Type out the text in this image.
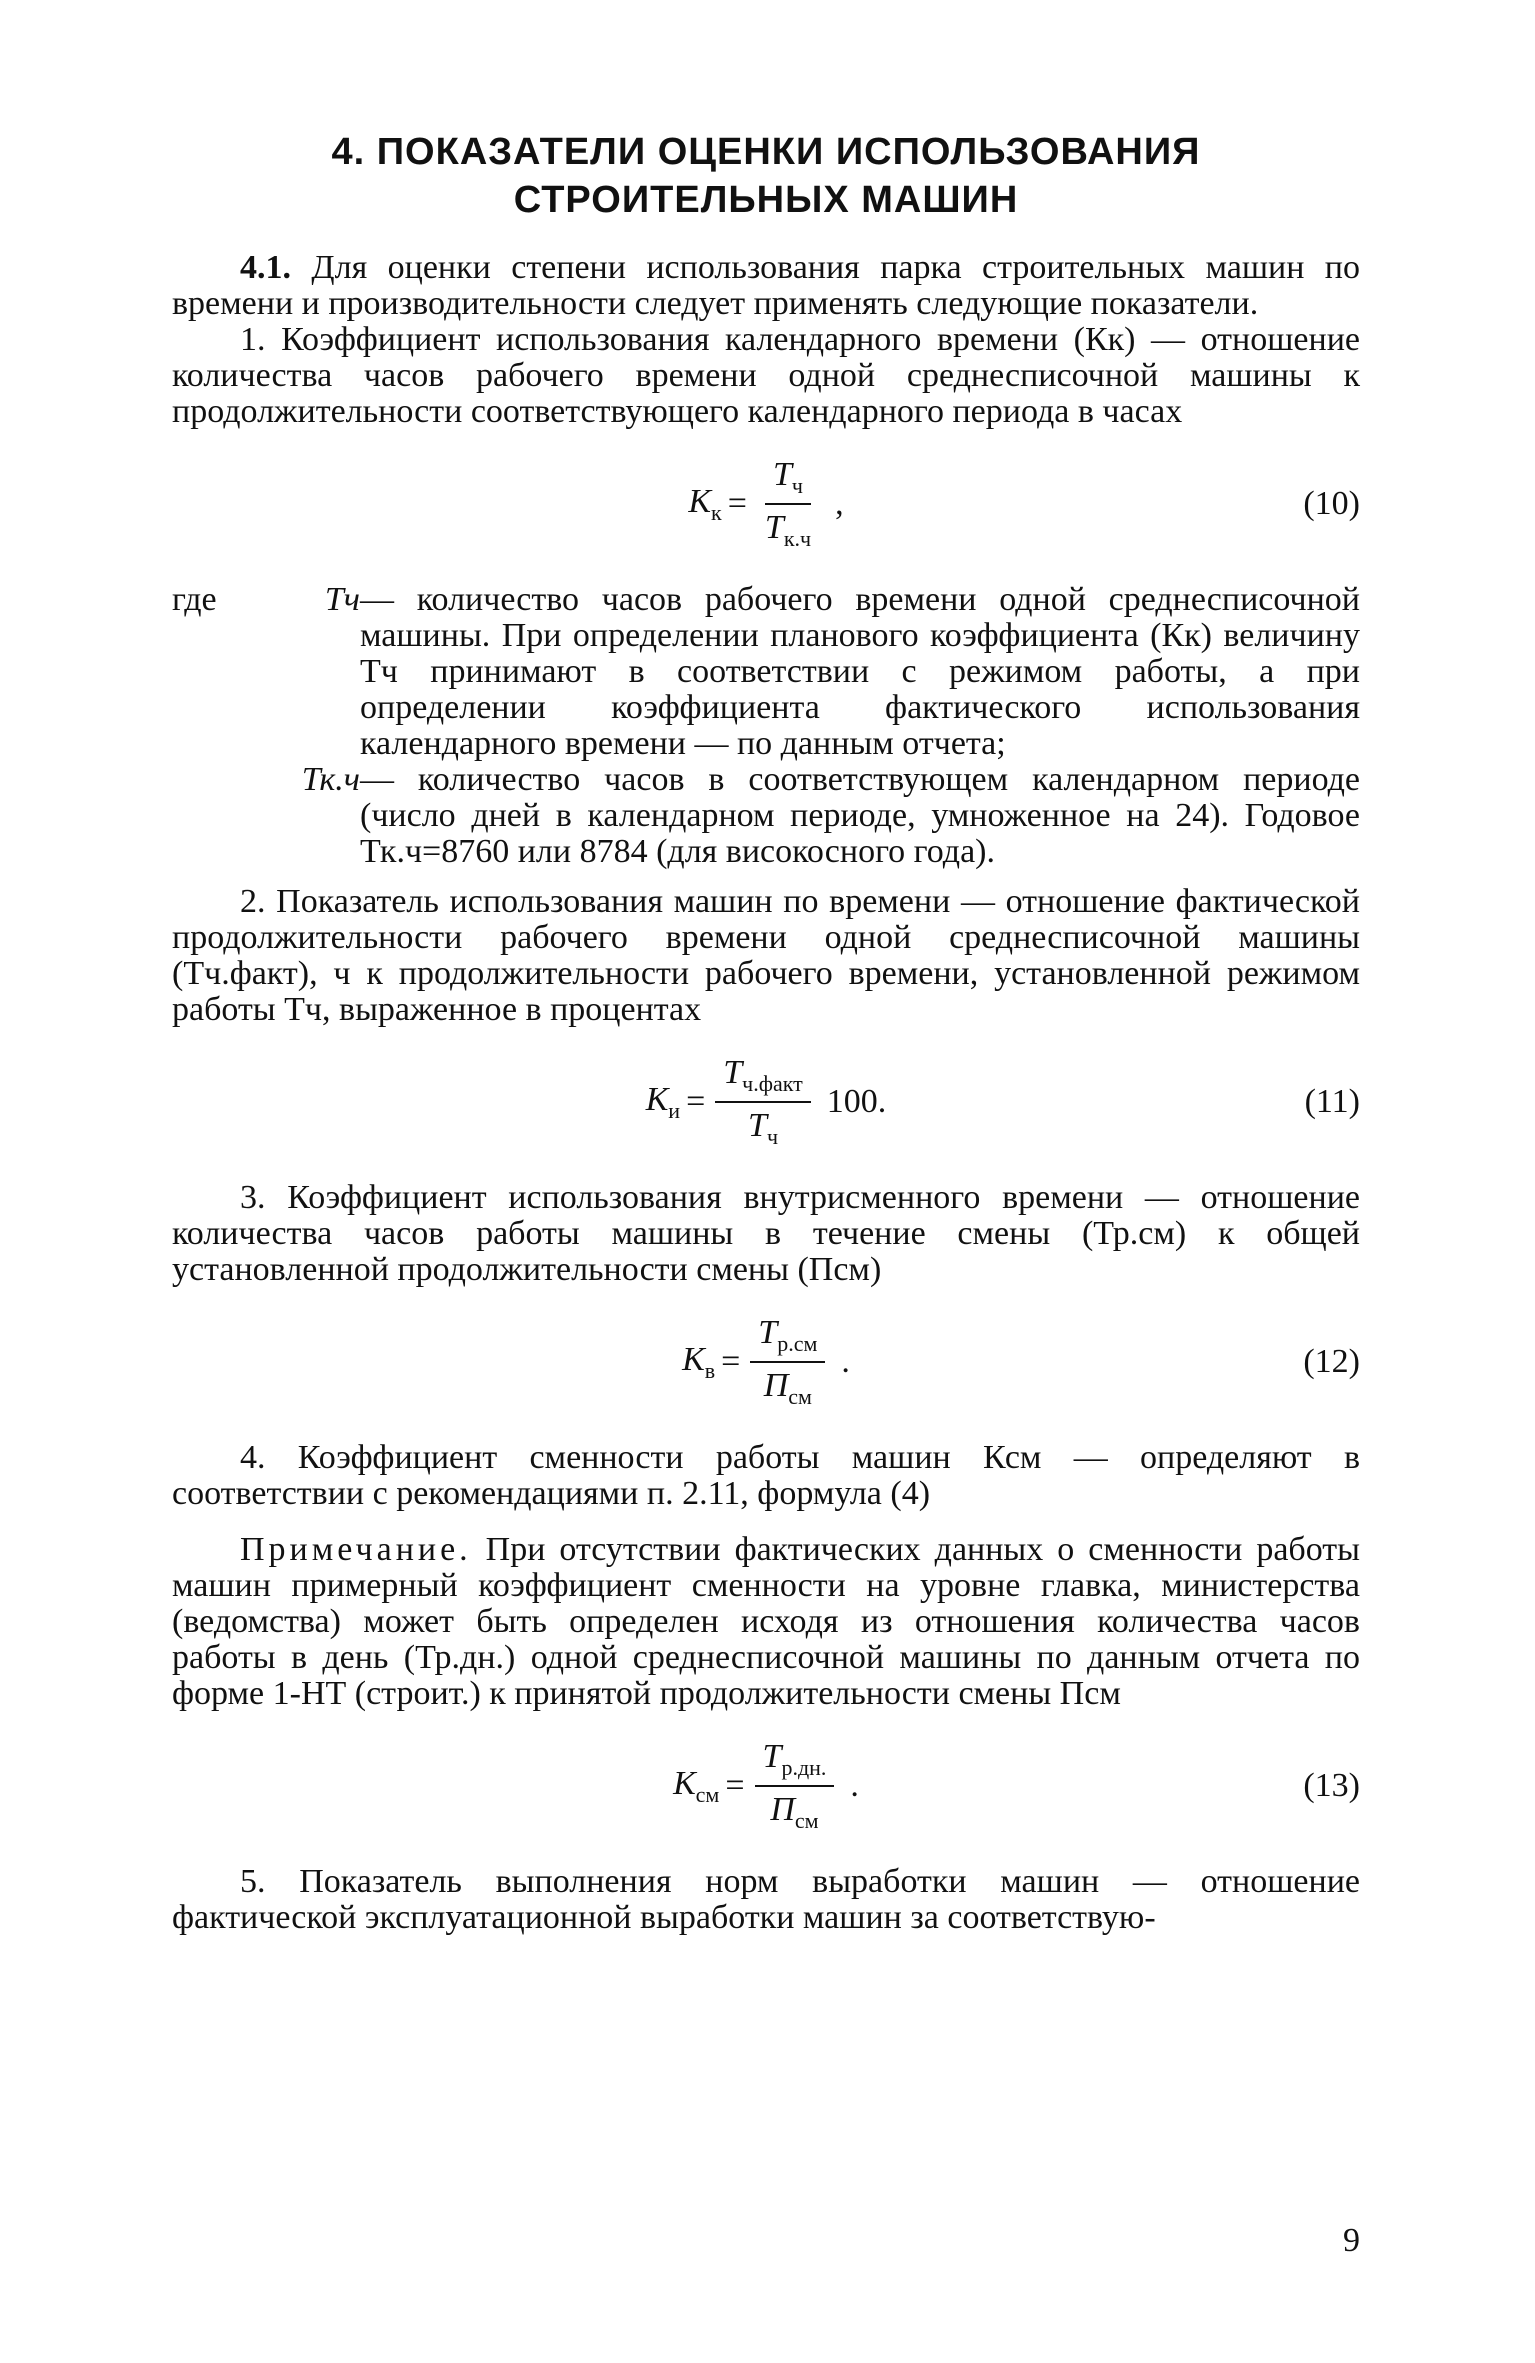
4. ПОКАЗАТЕЛИ ОЦЕНКИ ИСПОЛЬЗОВАНИЯ
СТРОИТЕЛЬНЫХ МАШИН

4.1. Для оценки степени использования парка строительных машин по времени и производительности следует применять следующие показатели.

1. Коэффициент использования календарного времени (Кк) — отношение количества часов рабочего времени одной среднесписочной машины к продолжительности соответствующего календарного периода в часах

$К_к = \frac{Т_ч}{Т_{к.ч}}$ ,	(10)
где	Тч — количество часов рабочего времени одной среднесписочной машины. При определении планового коэффициента (Кк) величину Тч принимают в соответствии с режимом работы, а при определении коэффициента фактического использования календарного времени — по данным отчета;
Тк.ч — количество часов в соответствующем календарном периоде (число дней в календарном периоде, умноженное на 24). Годовое Тк.ч=8760 или 8784 (для високосного года).

2. Показатель использования машин по времени — отношение фактической продолжительности рабочего времени одной среднесписочной машины (Тч.факт), ч к продолжительности рабочего времени, установленной режимом работы Тч, выраженное в процентах

$К_и = \frac{Т_{ч.факт}}{Т_ч} 100$.	(11)

3. Коэффициент использования внутрисменного времени — отношение количества часов работы машины в течение смены (Тр.см) к общей установленной продолжительности смены (Пcм)

$К_в = \frac{Т_{р.см}}{П_{см}}$ .	(12)

4. Коэффициент сменности работы машин Ксм — определяют в соответствии с рекомендациями п. 2.11, формула (4)

Примечание. При отсутствии фактических данных о сменности работы машин примерный коэффициент сменности на уровне главка, министерства (ведомства) может быть определен исходя из отношения количества часов работы в день (Тр.дн.) одной среднесписочной машины по данным отчета по форме 1-НТ (строит.) к принятой продолжительности смены Псм

$К_{см} = \frac{Т_{р.дн.}}{П_{см}}$ .	(13)

5. Показатель выполнения норм выработки машин — отношение фактической эксплуатационной выработки машин за соответствую-

9
